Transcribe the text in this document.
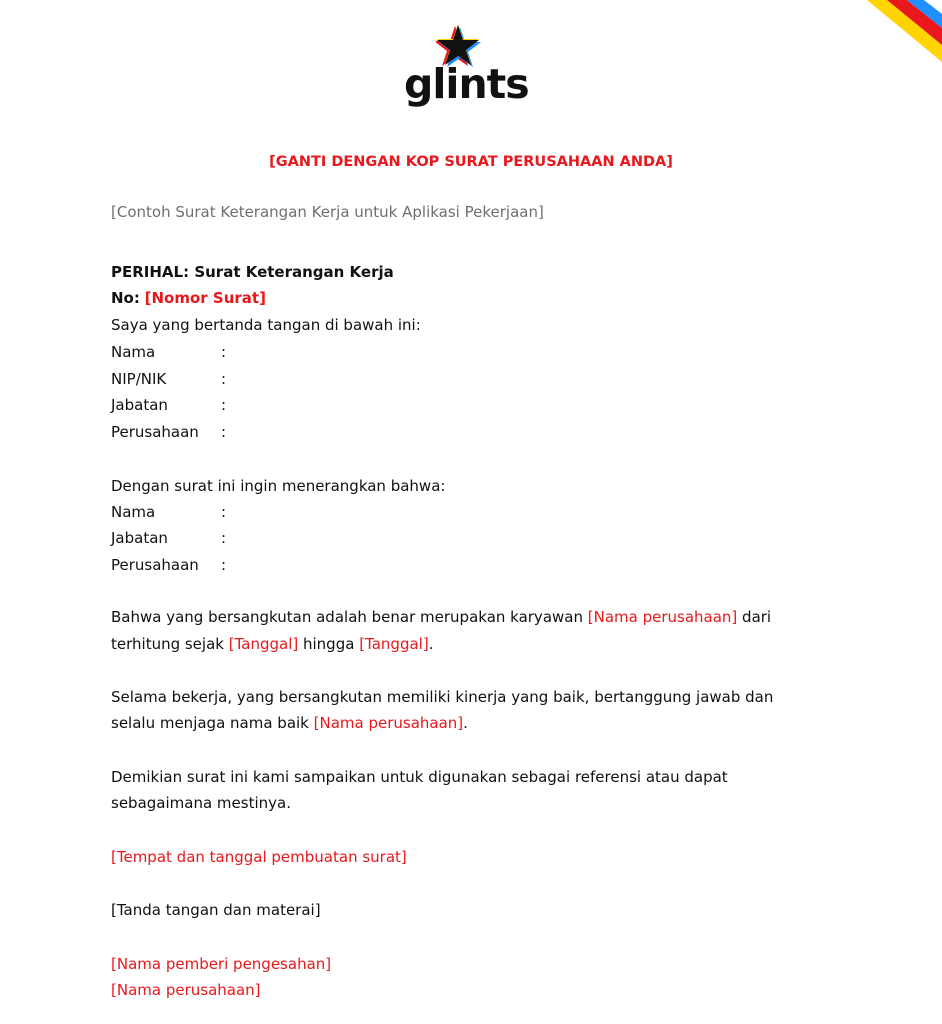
glints
[GANTI DENGAN KOP SURAT PERUSAHAAN ANDA]
[Contoh Surat Keterangan Kerja untuk Aplikasi Pekerjaan]
PERIHAL: Surat Keterangan Kerja
No: [Nomor Surat]
Saya yang bertanda tangan di bawah ini:
Nama	:
NIP/NIK	:
Jabatan	:
Perusahaan :
Dengan surat ini ingin menerangkan bahwa:
Nama	:
Jabatan	:
Perusahaan :
Bahwa yang bersangkutan adalah benar merupakan karyawan [Nama perusahaan] dari
terhitung sejak [Tanggal] hingga [Tanggal].
Selama bekerja, yang bersangkutan memiliki kinerja yang baik, bertanggung jawab dan
selalu menjaga nama baik [Nama perusahaan].
Demikian surat ini kami sampaikan untuk digunakan sebagai referensi atau dapat
sebagaimana mestinya.
[Tempat dan tanggal pembuatan surat]
[Tanda tangan dan materai]
[Nama pemberi pengesahan]
[Nama perusahaan]
